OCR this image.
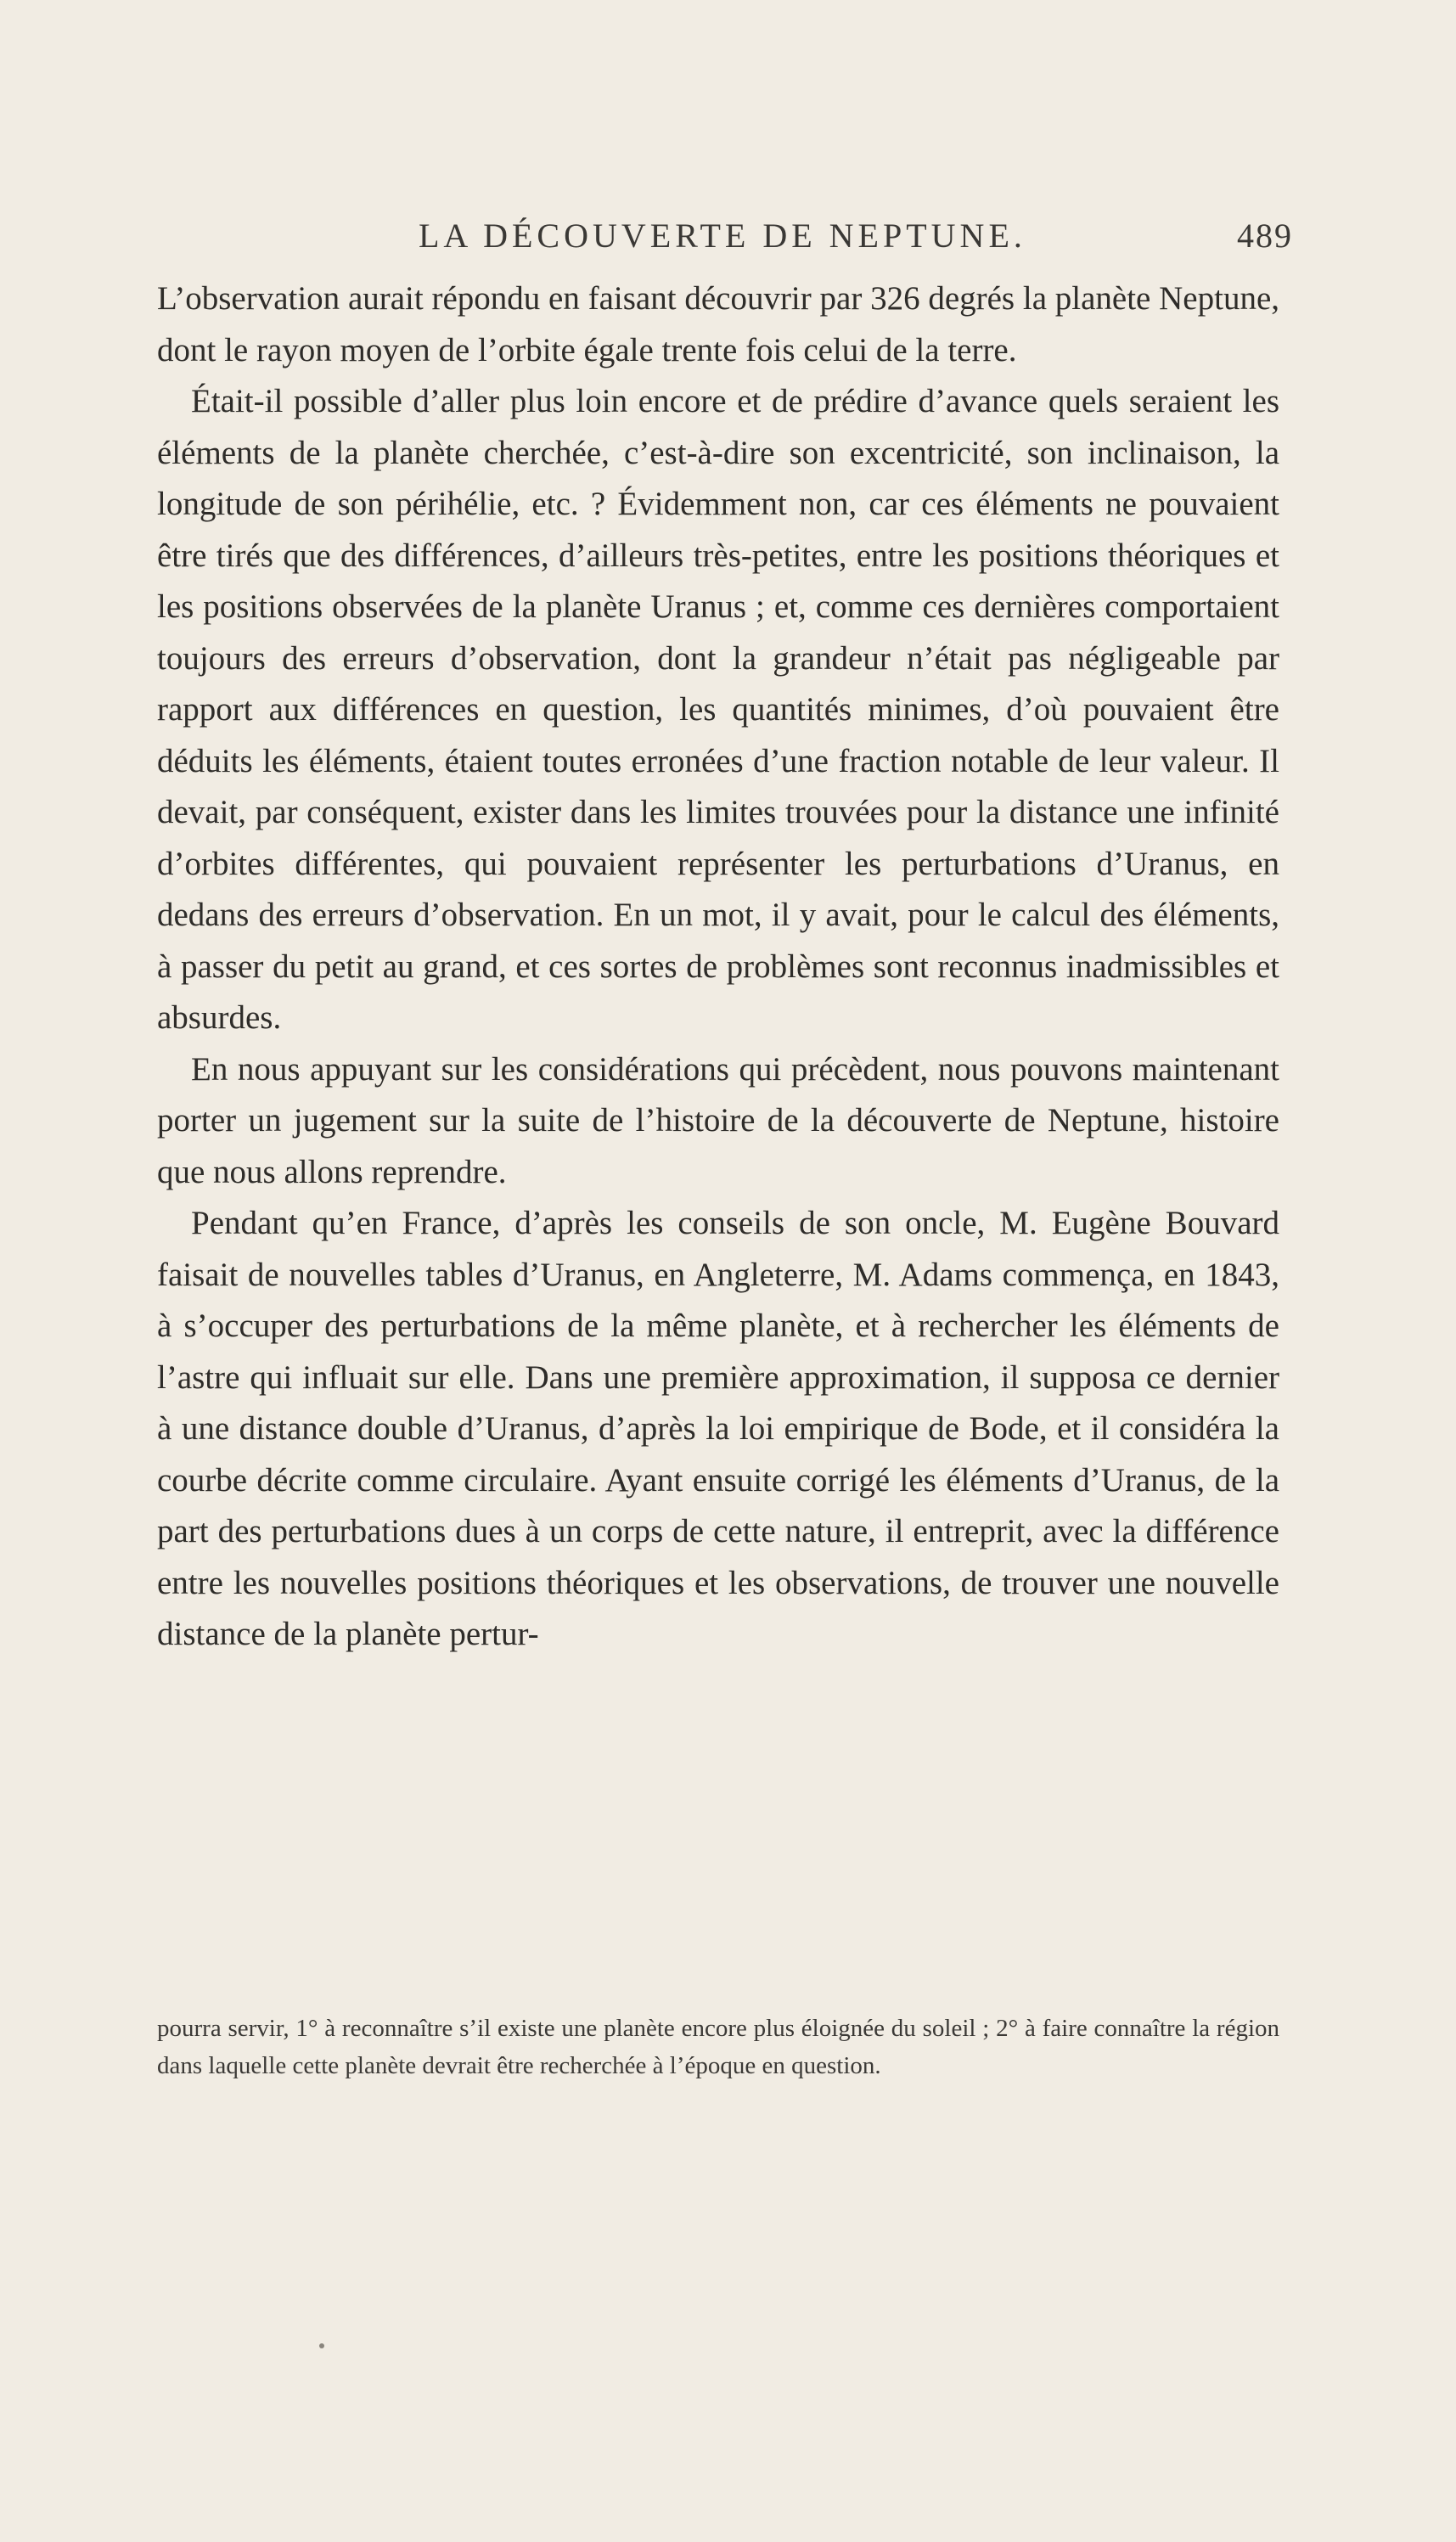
LA DÉCOUVERTE DE NEPTUNE.	489

L’observation aurait répondu en faisant découvrir par 326 degrés la planète Neptune, dont le rayon moyen de l’orbite égale trente fois celui de la terre.

Était-il possible d’aller plus loin encore et de prédire d’avance quels seraient les éléments de la planète cherchée, c’est-à-dire son excentricité, son inclinaison, la longitude de son périhélie, etc. ? Évidemment non, car ces éléments ne pouvaient être tirés que des différences, d’ailleurs très-petites, entre les positions théoriques et les positions observées de la planète Uranus ; et, comme ces dernières comportaient toujours des erreurs d’observation, dont la grandeur n’était pas négligeable par rapport aux différences en question, les quantités minimes, d’où pouvaient être déduits les éléments, étaient toutes erronées d’une fraction notable de leur valeur. Il devait, par conséquent, exister dans les limites trouvées pour la distance une infinité d’orbites différentes, qui pouvaient représenter les perturbations d’Uranus, en dedans des erreurs d’observation. En un mot, il y avait, pour le calcul des éléments, à passer du petit au grand, et ces sortes de problèmes sont reconnus inadmissibles et absurdes.

En nous appuyant sur les considérations qui précèdent, nous pouvons maintenant porter un jugement sur la suite de l’histoire de la découverte de Neptune, histoire que nous allons reprendre.

Pendant qu’en France, d’après les conseils de son oncle, M. Eugène Bouvard faisait de nouvelles tables d’Uranus, en Angleterre, M. Adams commença, en 1843, à s’occuper des perturbations de la même planète, et à rechercher les éléments de l’astre qui influait sur elle. Dans une première approximation, il supposa ce dernier à une distance double d’Uranus, d’après la loi empirique de Bode, et il considéra la courbe décrite comme circulaire. Ayant ensuite corrigé les éléments d’Uranus, de la part des perturbations dues à un corps de cette nature, il entreprit, avec la différence entre les nouvelles positions théoriques et les observations, de trouver une nouvelle distance de la planète pertur-

pourra servir, 1° à reconnaître s’il existe une planète encore plus éloignée du soleil ; 2° à faire connaître la région dans laquelle cette planète devrait être recherchée à l’époque en question.
